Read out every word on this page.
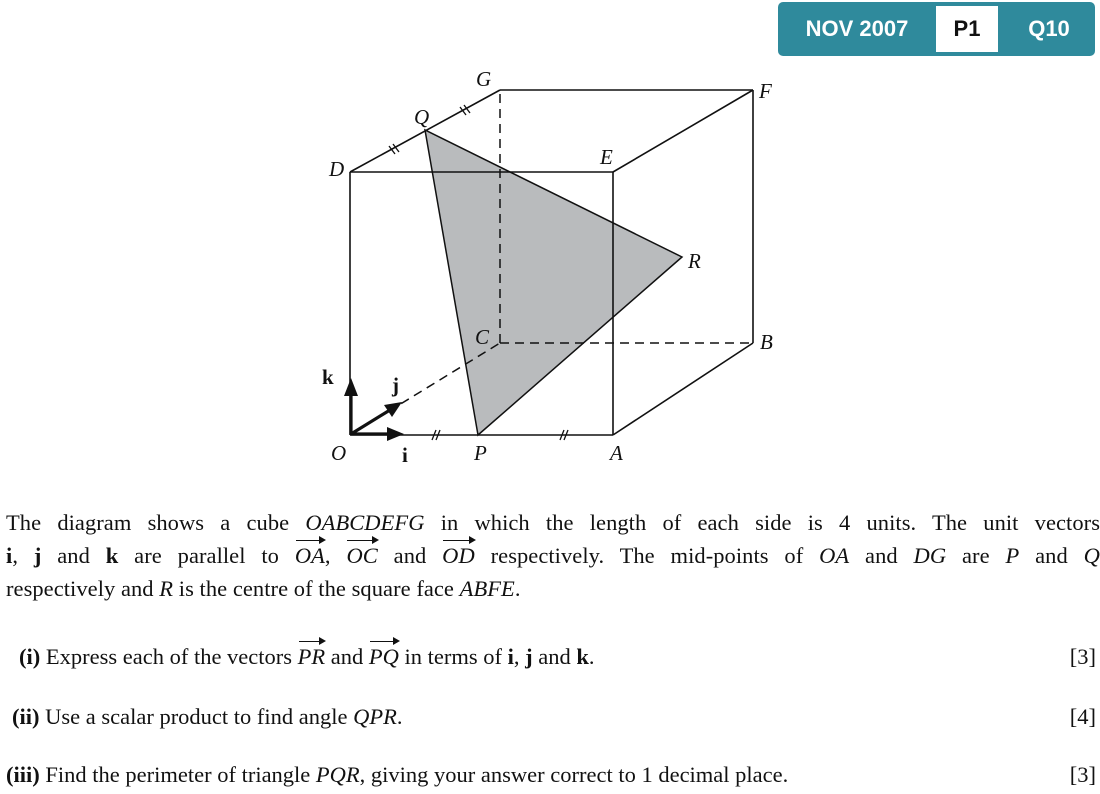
NOV 2007	P1	Q10
O	A
P
B
C
R
D	E
Q
G	F
k	j
i

The diagram shows a cube OABCDEFG in which the length of each side is 4 units. The unit vectors

i, j and k are parallel to OA, OC and OD respectively. The mid-points of OA and DG are P and Q

respectively and R is the centre of the square face ABFE.

(i) Express each of the vectors PR and PQ in terms of i, j and k.	[3]
(ii) Use a scalar product to find angle QPR.	[4]
(iii) Find the perimeter of triangle PQR, giving your answer correct to 1 decimal place.	[3]
